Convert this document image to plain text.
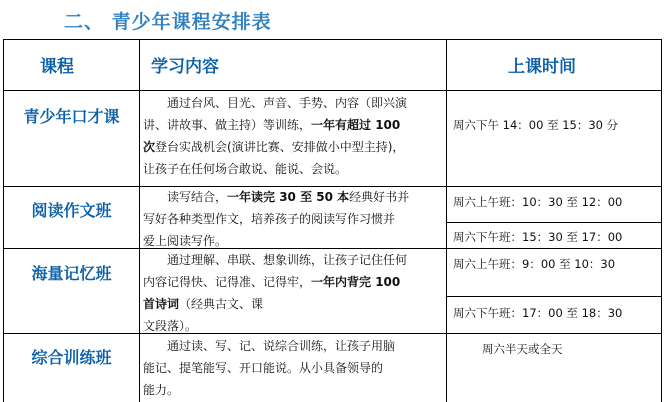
二、 青少年课程安排表
课程	学习内容	上课时间
青少年口才课

通过台风、目光、声音、手势、内容（即兴演

讲、讲故事、做主持）等训练，一年有超过 100

次登台实战机会(演讲比赛、安排做小中型主持)，

让孩子在任何场合敢说、能说、会说。

周六下午 14：00 至 15：30 分
阅读作文班

读写结合，一年读完 30 至 50 本经典好书并

写好各种类型作文，培养孩子的阅读写作习惯并

爱上阅读写作。

周六上午班：10：30 至 12：00
周六下午班：15：30 至 17：00
海量记忆班

通过理解、串联、想象训练，让孩子记住任何

内容记得快、记得准、记得牢，一年内背完 100

首诗词（经典古文、课

文段落）。

周六上午班：9：00 至 10：30
周六下午班：17：00 至 18：30
综合训练班

通过读、写、记、说综合训练，让孩子用脑

能记、提笔能写、开口能说。从小具备领导的

能力。

周六半天或全天
